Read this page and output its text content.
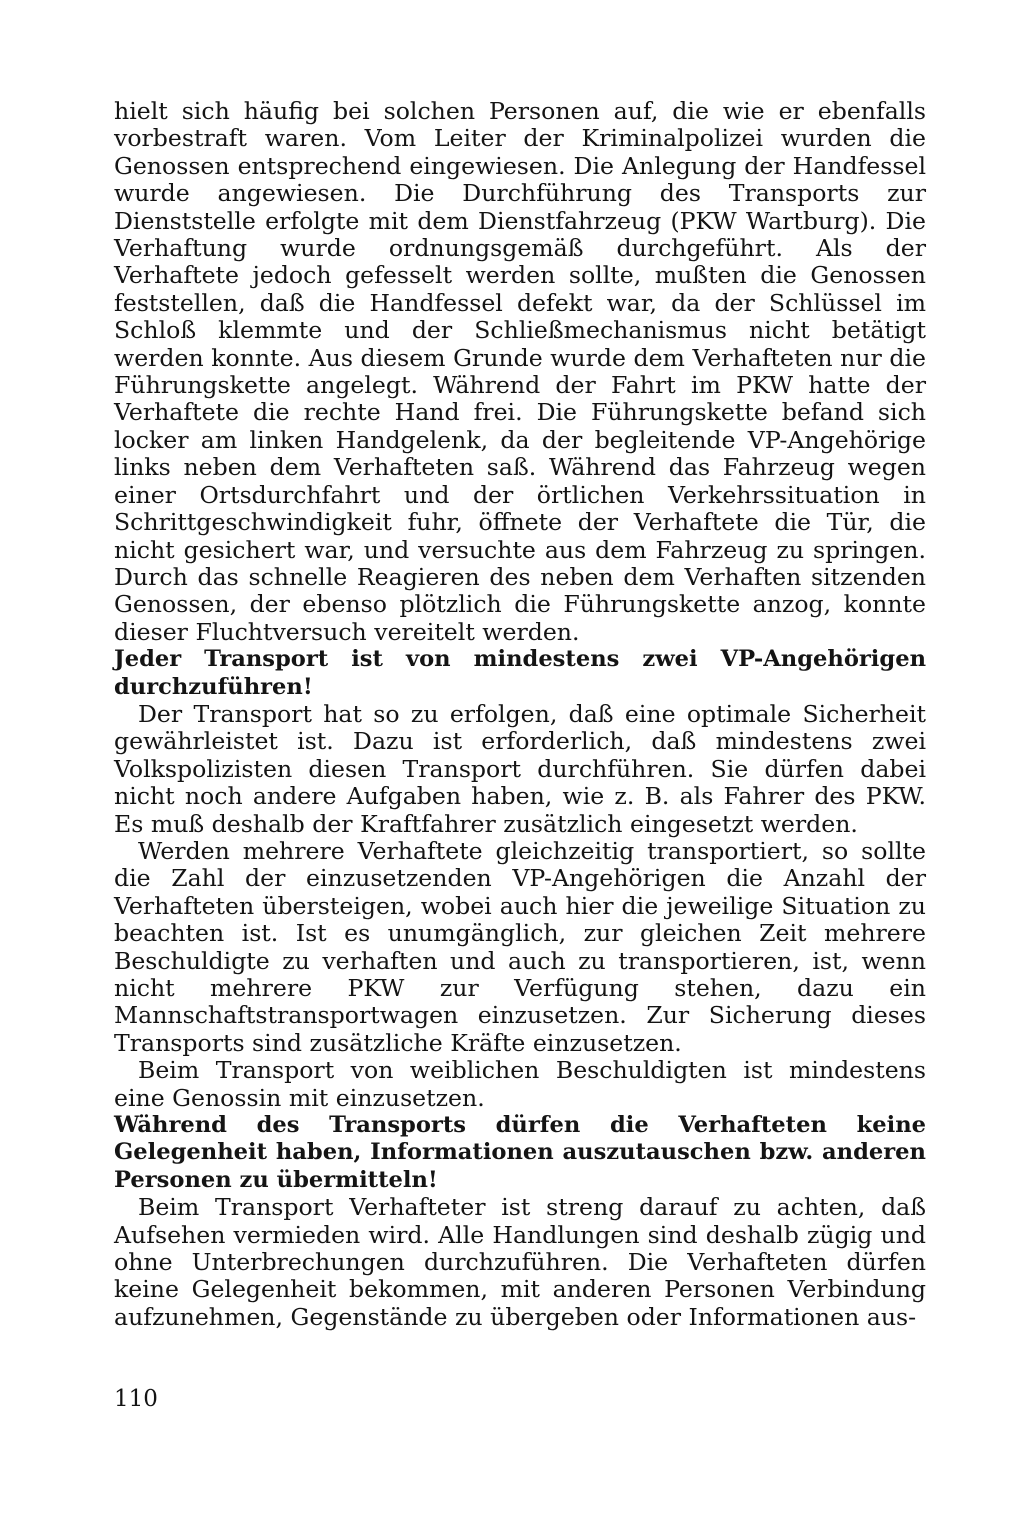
hielt sich häufig bei solchen Personen auf, die wie er ebenfalls vorbestraft waren. Vom Leiter der Kriminalpolizei wurden die Genossen entsprechend eingewiesen. Die Anlegung der Handfessel wurde angewiesen. Die Durchführung des Transports zur Dienststelle erfolgte mit dem Dienstfahrzeug (PKW Wartburg). Die Verhaftung wurde ordnungsgemäß durchgeführt. Als der Verhaftete jedoch gefesselt werden sollte, mußten die Genossen feststellen, daß die Handfessel defekt war, da der Schlüssel im Schloß klemmte und der Schließmechanismus nicht betätigt werden konnte. Aus diesem Grunde wurde dem Verhafteten nur die Führungskette angelegt. Während der Fahrt im PKW hatte der Verhaftete die rechte Hand frei. Die Führungskette befand sich locker am linken Handgelenk, da der begleitende VP-Angehörige links neben dem Verhafteten saß. Während das Fahrzeug wegen einer Ortsdurchfahrt und der örtlichen Verkehrssituation in Schrittgeschwindigkeit fuhr, öffnete der Verhaftete die Tür, die nicht gesichert war, und versuchte aus dem Fahrzeug zu springen. Durch das schnelle Reagieren des neben dem Verhaften sitzenden Genossen, der ebenso plötzlich die Führungskette anzog, konnte dieser Fluchtversuch vereitelt werden.

Jeder Transport ist von mindestens zwei VP-Angehörigen durchzuführen!

Der Transport hat so zu erfolgen, daß eine optimale Sicherheit gewährleistet ist. Dazu ist erforderlich, daß mindestens zwei Volkspolizisten diesen Transport durchführen. Sie dürfen dabei nicht noch andere Aufgaben haben, wie z. B. als Fahrer des PKW. Es muß deshalb der Kraftfahrer zusätzlich eingesetzt werden.

Werden mehrere Verhaftete gleichzeitig transportiert, so sollte die Zahl der einzusetzenden VP-Angehörigen die Anzahl der Verhafteten übersteigen, wobei auch hier die jeweilige Situation zu beachten ist. Ist es unumgänglich, zur gleichen Zeit mehrere Beschuldigte zu verhaften und auch zu transportieren, ist, wenn nicht mehrere PKW zur Verfügung stehen, dazu ein Mannschaftstransportwagen einzusetzen. Zur Sicherung dieses Transports sind zusätzliche Kräfte einzusetzen.

Beim Transport von weiblichen Beschuldigten ist mindestens eine Genossin mit einzusetzen.

Während des Transports dürfen die Verhafteten keine Gelegenheit haben, Informationen auszutauschen bzw. anderen Personen zu übermitteln!

Beim Transport Verhafteter ist streng darauf zu achten, daß Aufsehen vermieden wird. Alle Handlungen sind deshalb zügig und ohne Unterbrechungen durchzuführen. Die Verhafteten dürfen keine Gelegenheit bekommen, mit anderen Personen Verbindung aufzunehmen, Gegenstände zu übergeben oder Informationen aus-

110
